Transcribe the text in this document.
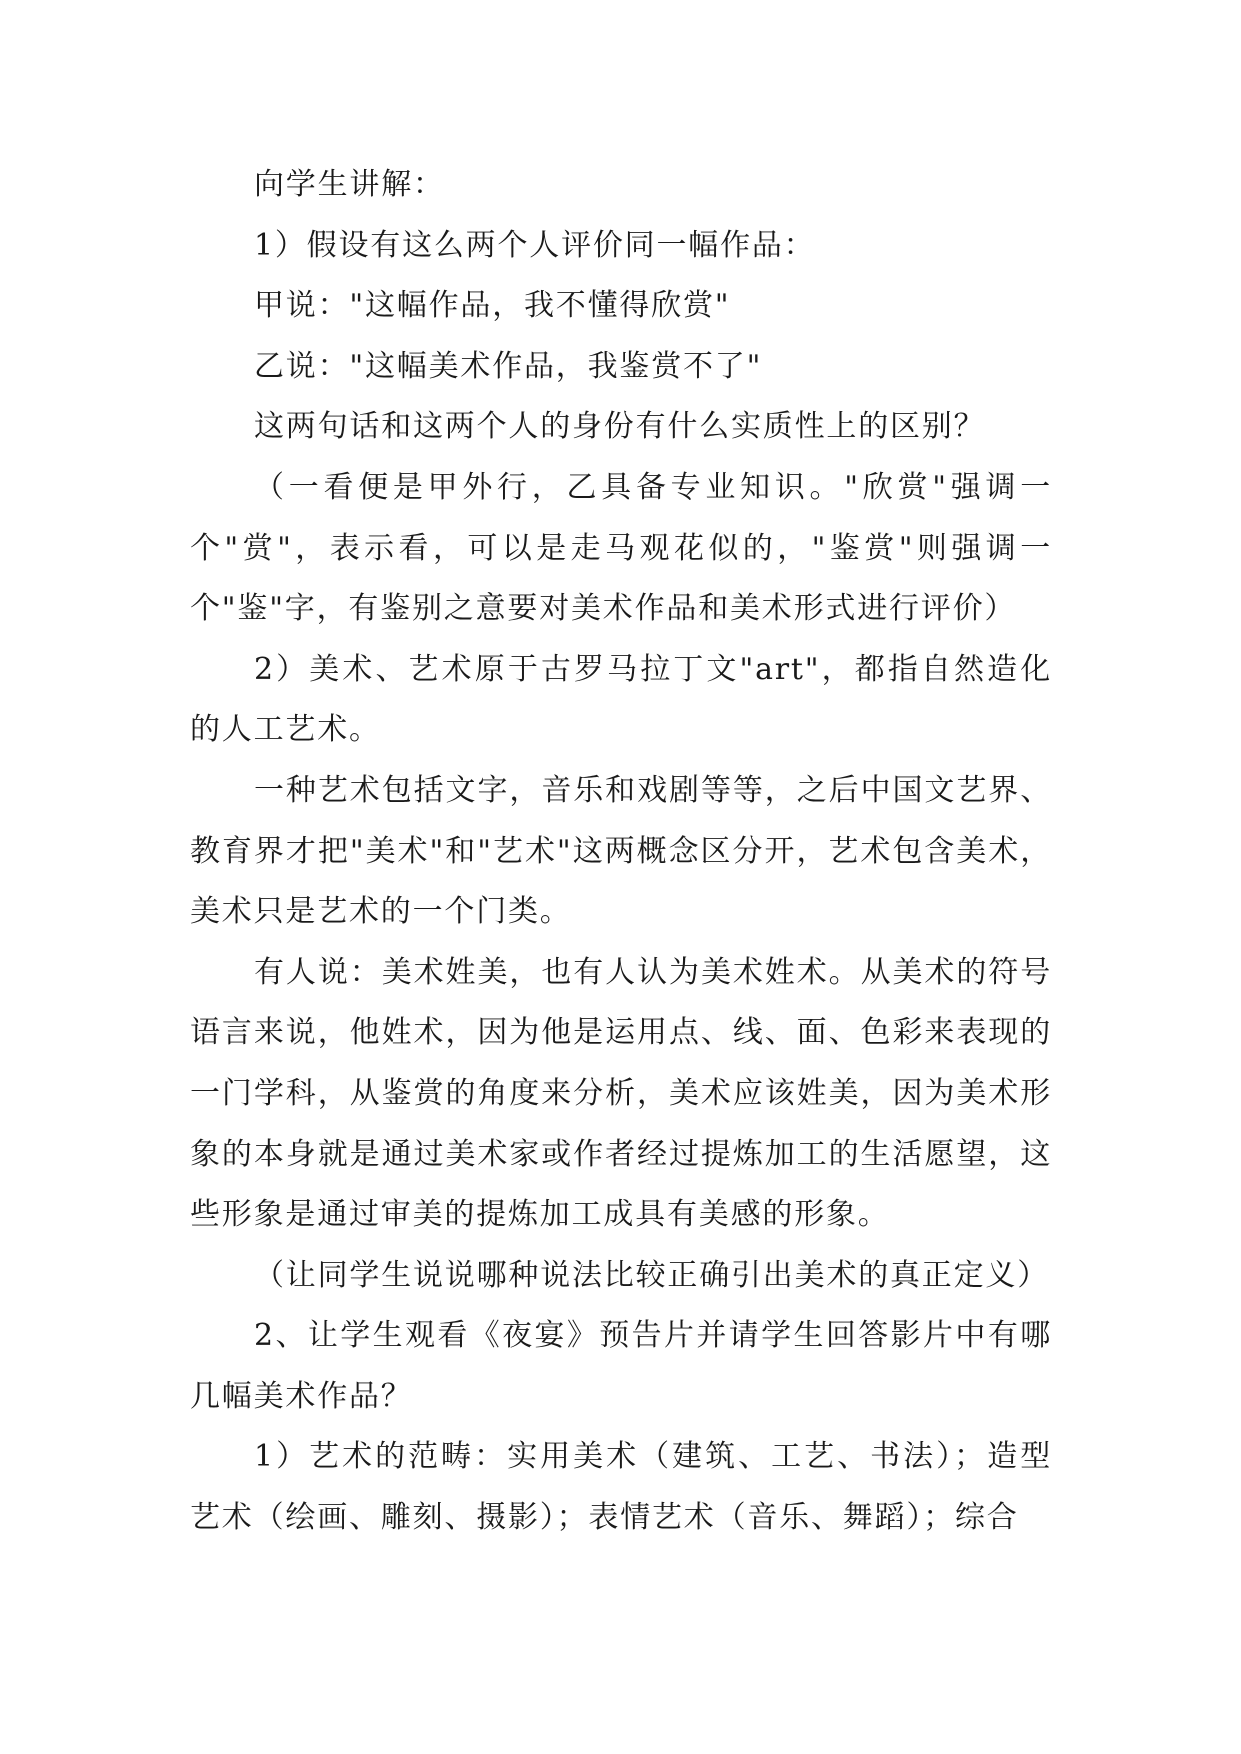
向学生讲解：

1）假设有这么两个人评价同一幅作品：

甲说："这幅作品，我不懂得欣赏"

乙说："这幅美术作品，我鉴赏不了"

这两句话和这两个人的身份有什么实质性上的区别？

（一看便是甲外行，乙具备专业知识。"欣赏"强调一个"赏"，表示看，可以是走马观花似的，"鉴赏"则强调一个"鉴"字，有鉴别之意要对美术作品和美术形式进行评价）

2）美术、艺术原于古罗马拉丁文"art"，都指自然造化的人工艺术。

一种艺术包括文字，音乐和戏剧等等，之后中国文艺界、教育界才把"美术"和"艺术"这两概念区分开，艺术包含美术，美术只是艺术的一个门类。

有人说：美术姓美，也有人认为美术姓术。从美术的符号语言来说，他姓术，因为他是运用点、线、面、色彩来表现的一门学科，从鉴赏的角度来分析，美术应该姓美，因为美术形象的本身就是通过美术家或作者经过提炼加工的生活愿望，这些形象是通过审美的提炼加工成具有美感的形象。

（让同学生说说哪种说法比较正确引出美术的真正定义）

2、让学生观看《夜宴》预告片并请学生回答影片中有哪几幅美术作品？

1）艺术的范畴：实用美术（建筑、工艺、书法）；造型艺术（绘画、雕刻、摄影）；表情艺术（音乐、舞蹈）；综合
